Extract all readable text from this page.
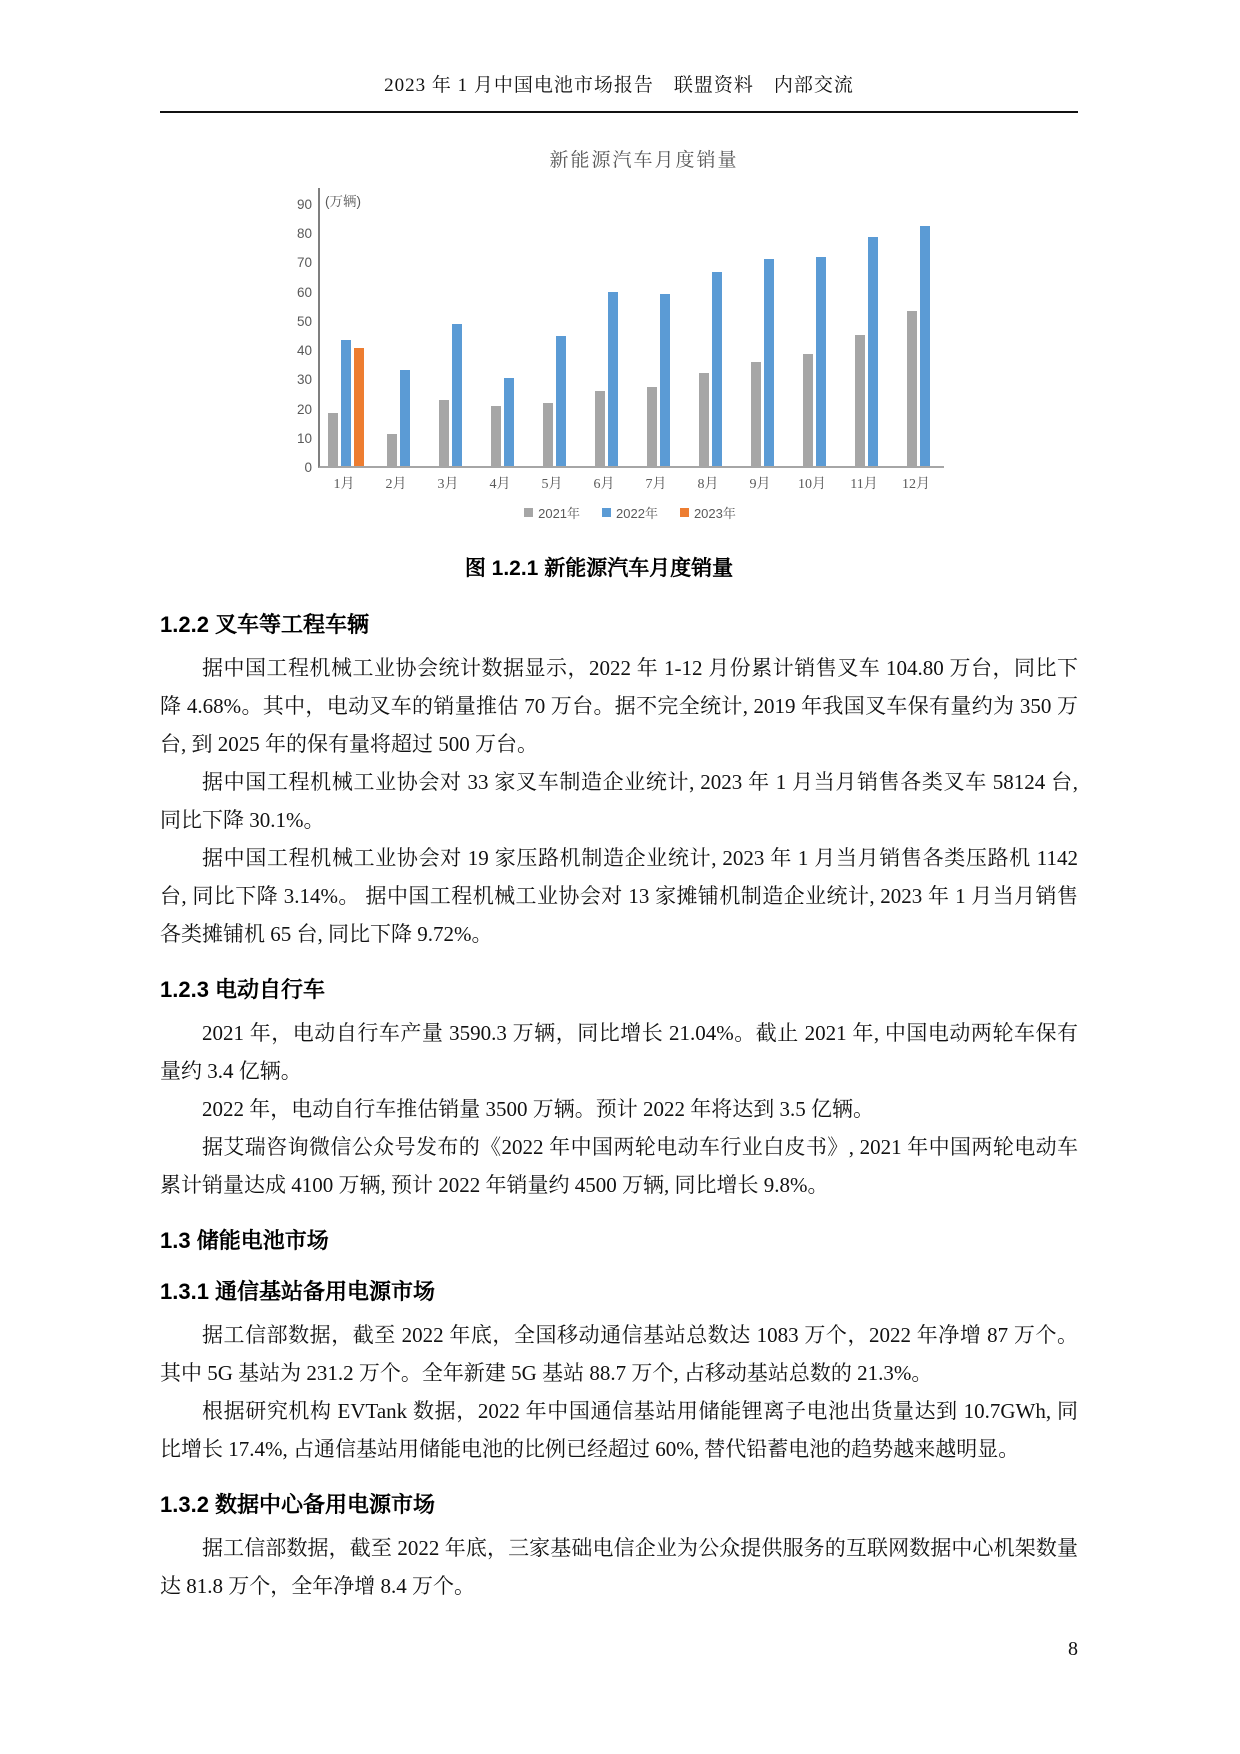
2023 年 1 月中国电池市场报告　联盟资料　内部交流
新能源汽车月度销量
(万辆)
0
10
20
30
40
50
60
70
80
90
1月	2月	3月	4月	5月	6月	7月	8月	9月	10月	11月	12月
2021年	2022年	2023年
图 1.2.1 新能源汽车月度销量
1.2.2 叉车等工程车辆

据中国工程机械工业协会统计数据显示，2022 年 1-12 月份累计销售叉车 104.80 万台，同比下降 4.68%。其中，电动叉车的销量推估 70 万台。据不完全统计, 2019 年我国叉车保有量约为 350 万台, 到 2025 年的保有量将超过 500 万台。

据中国工程机械工业协会对 33 家叉车制造企业统计, 2023 年 1 月当月销售各类叉车 58124 台, 同比下降 30.1%。

据中国工程机械工业协会对 19 家压路机制造企业统计, 2023 年 1 月当月销售各类压路机 1142 台, 同比下降 3.14%。 据中国工程机械工业协会对 13 家摊铺机制造企业统计, 2023 年 1 月当月销售各类摊铺机 65 台, 同比下降 9.72%。

1.2.3 电动自行车

2021 年，电动自行车产量 3590.3 万辆，同比增长 21.04%。截止 2021 年, 中国电动两轮车保有量约 3.4 亿辆。

2022 年，电动自行车推估销量 3500 万辆。预计 2022 年将达到 3.5 亿辆。

据艾瑞咨询微信公众号发布的《2022 年中国两轮电动车行业白皮书》, 2021 年中国两轮电动车累计销量达成 4100 万辆, 预计 2022 年销量约 4500 万辆, 同比增长 9.8%。

1.3 储能电池市场
1.3.1 通信基站备用电源市场

据工信部数据，截至 2022 年底，全国移动通信基站总数达 1083 万个，2022 年净增 87 万个。其中 5G 基站为 231.2 万个。全年新建 5G 基站 88.7 万个, 占移动基站总数的 21.3%。

根据研究机构 EVTank 数据，2022 年中国通信基站用储能锂离子电池出货量达到 10.7GWh, 同比增长 17.4%, 占通信基站用储能电池的比例已经超过 60%, 替代铅蓄电池的趋势越来越明显。

1.3.2 数据中心备用电源市场

据工信部数据，截至 2022 年底，三家基础电信企业为公众提供服务的互联网数据中心机架数量达 81.8 万个，全年净增 8.4 万个。

8
